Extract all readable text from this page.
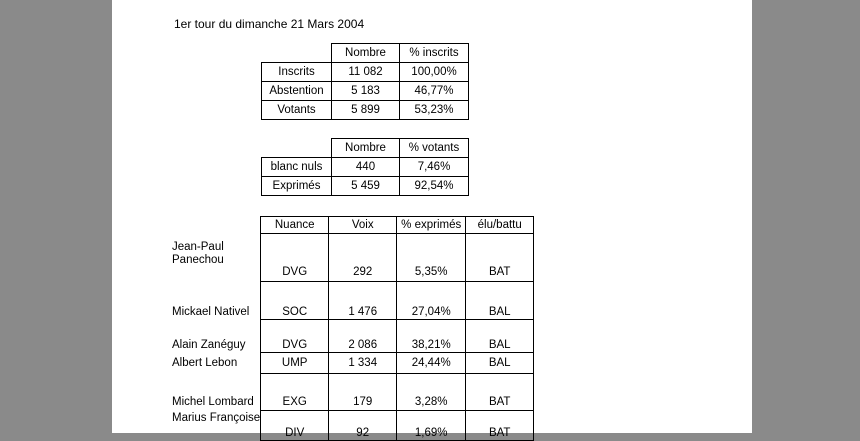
1er tour du dimanche 21 Mars 2004
	Nombre	% inscrits
Inscrits	11 082	100,00%
Abstention	5 183	46,77%
Votants	5 899	53,23%
	Nombre	% votants
blanc nuls	440	7,46%
Exprimés	5 459	92,54%
	Nuance	Voix	% exprimés	élu/battu
Jean-Paul Panechou	DVG	292	5,35%	BAT
Mickael Nativel	SOC	1 476	27,04%	BAL
Alain Zanéguy	DVG	2 086	38,21%	BAL
Albert Lebon	UMP	1 334	24,44%	BAL
Michel Lombard	EXG	179	3,28%	BAT
Marius Françoise	DIV	92	1,69%	BAT
